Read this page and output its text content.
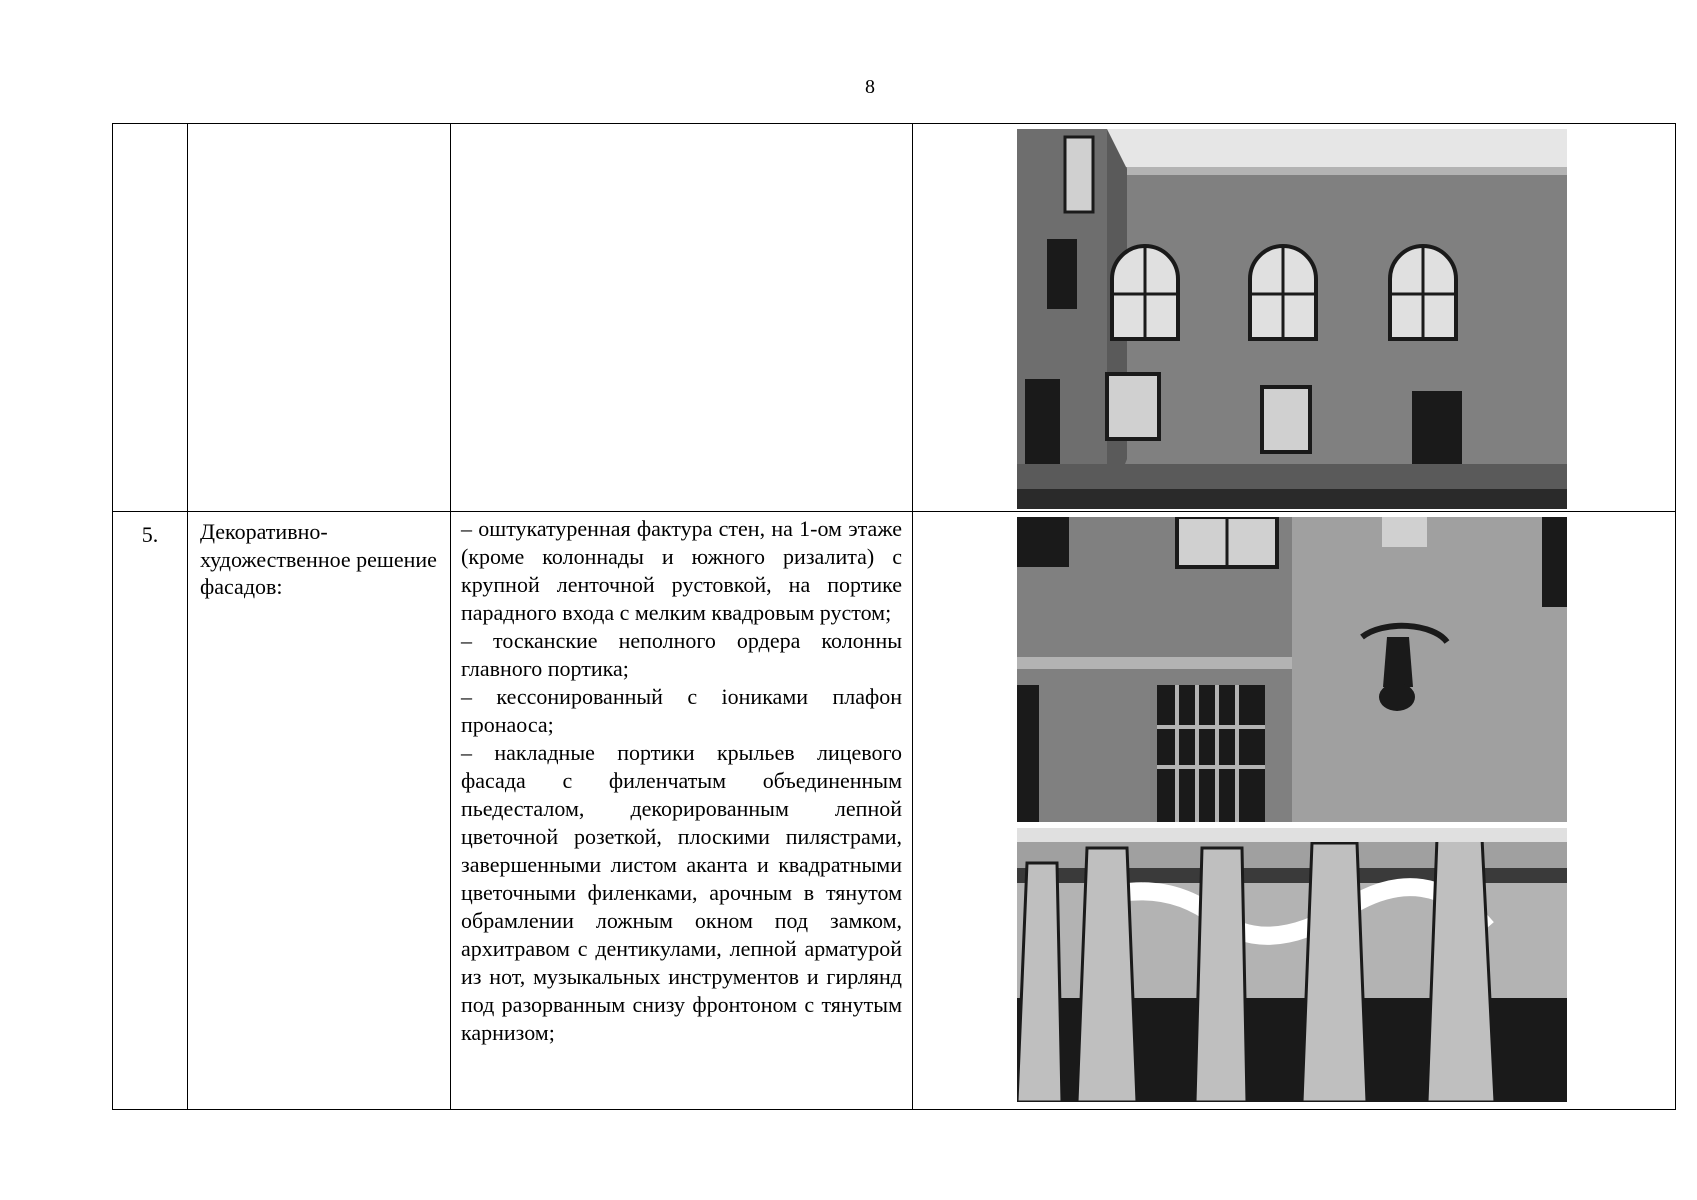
8

5.	Декоративно-художественное решение фасадов:	– оштукатуренная фактура стен, на 1-ом этаже (кроме колоннады и южного ризалита) с крупной ленточной рустовкой, на портике парадного входа с мелким квадровым рустом;

– тосканские неполного ордера колонны главного портика;

– кессонированный с ioниками плафон пронаоса;

– накладные портики крыльев лицевого фасада с филенчатым объединенным пьедесталом, декорированным лепной цветочной розеткой, плоскими пилястрами, завершенными листом аканта и квадратными цветочными филенками, арочным в тянутом обрамлении ложным окном под замком, архитравом с дентикулами, лепной арматурой из нот, музыкальных инструментов и гирлянд под разорванным снизу фронтоном с тянутым карнизом;
